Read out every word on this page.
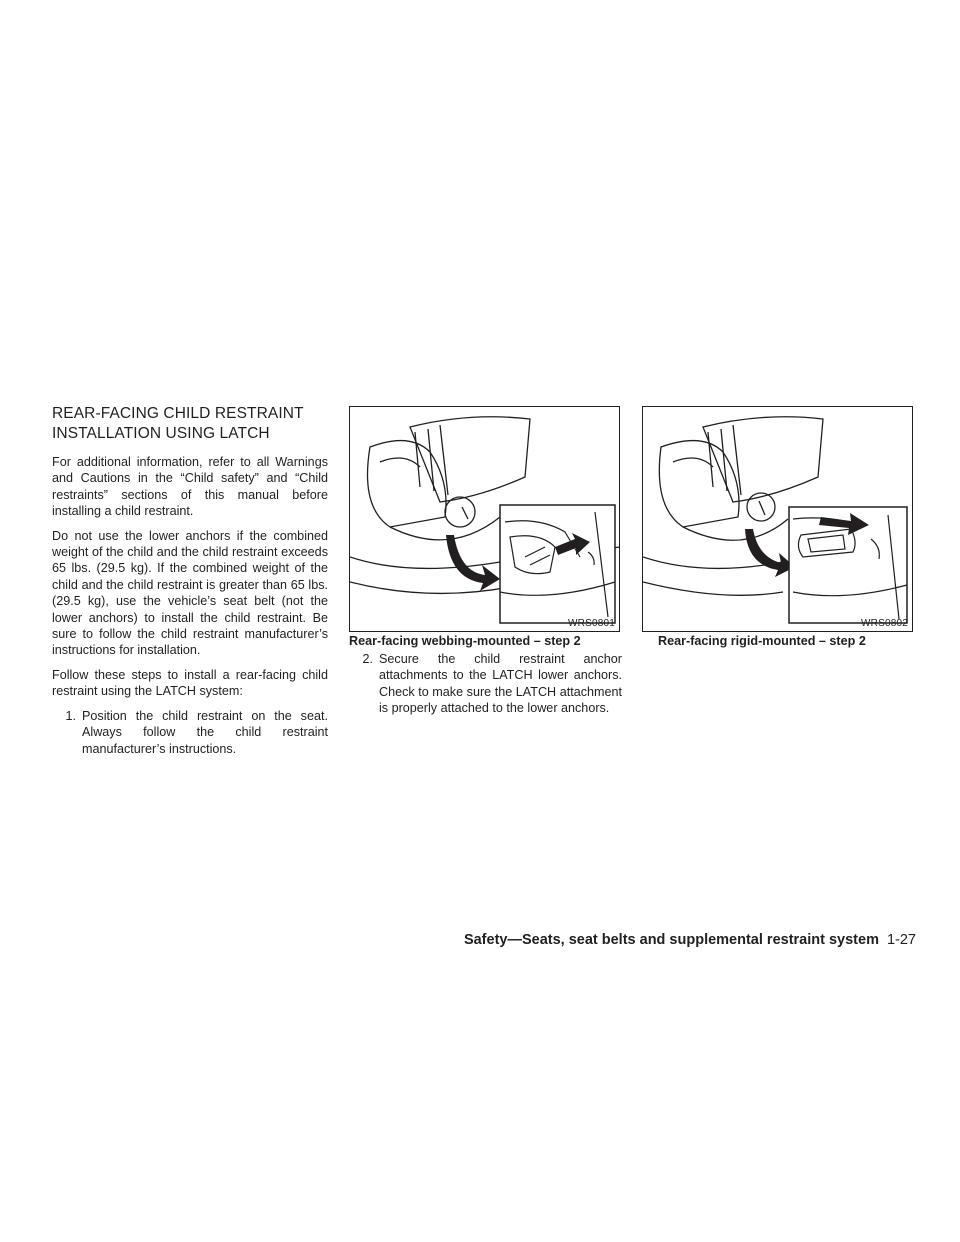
REAR-FACING CHILD RESTRAINT
INSTALLATION USING LATCH

For additional information, refer to all Warnings and Cautions in the “Child safety” and “Child restraints” sections of this manual before installing a child restraint.

Do not use the lower anchors if the combined weight of the child and the child restraint exceeds 65 lbs. (29.5 kg). If the combined weight of the child and the child restraint is greater than 65 lbs. (29.5 kg), use the vehicle’s seat belt (not the lower anchors) to install the child restraint. Be sure to follow the child restraint manufacturer’s instructions for installation.

Follow these steps to install a rear-facing child restraint using the LATCH system:

1. Position the child restraint on the seat. Always follow the child restraint manufacturer’s instructions.
WRS0801
Rear-facing webbing-mounted – step 2
2. Secure the child restraint anchor attachments to the LATCH lower anchors. Check to make sure the LATCH attachment is properly attached to the lower anchors.
WRS0802
Rear-facing rigid-mounted – step 2
Safety—Seats, seat belts and supplemental restraint system 1-27
